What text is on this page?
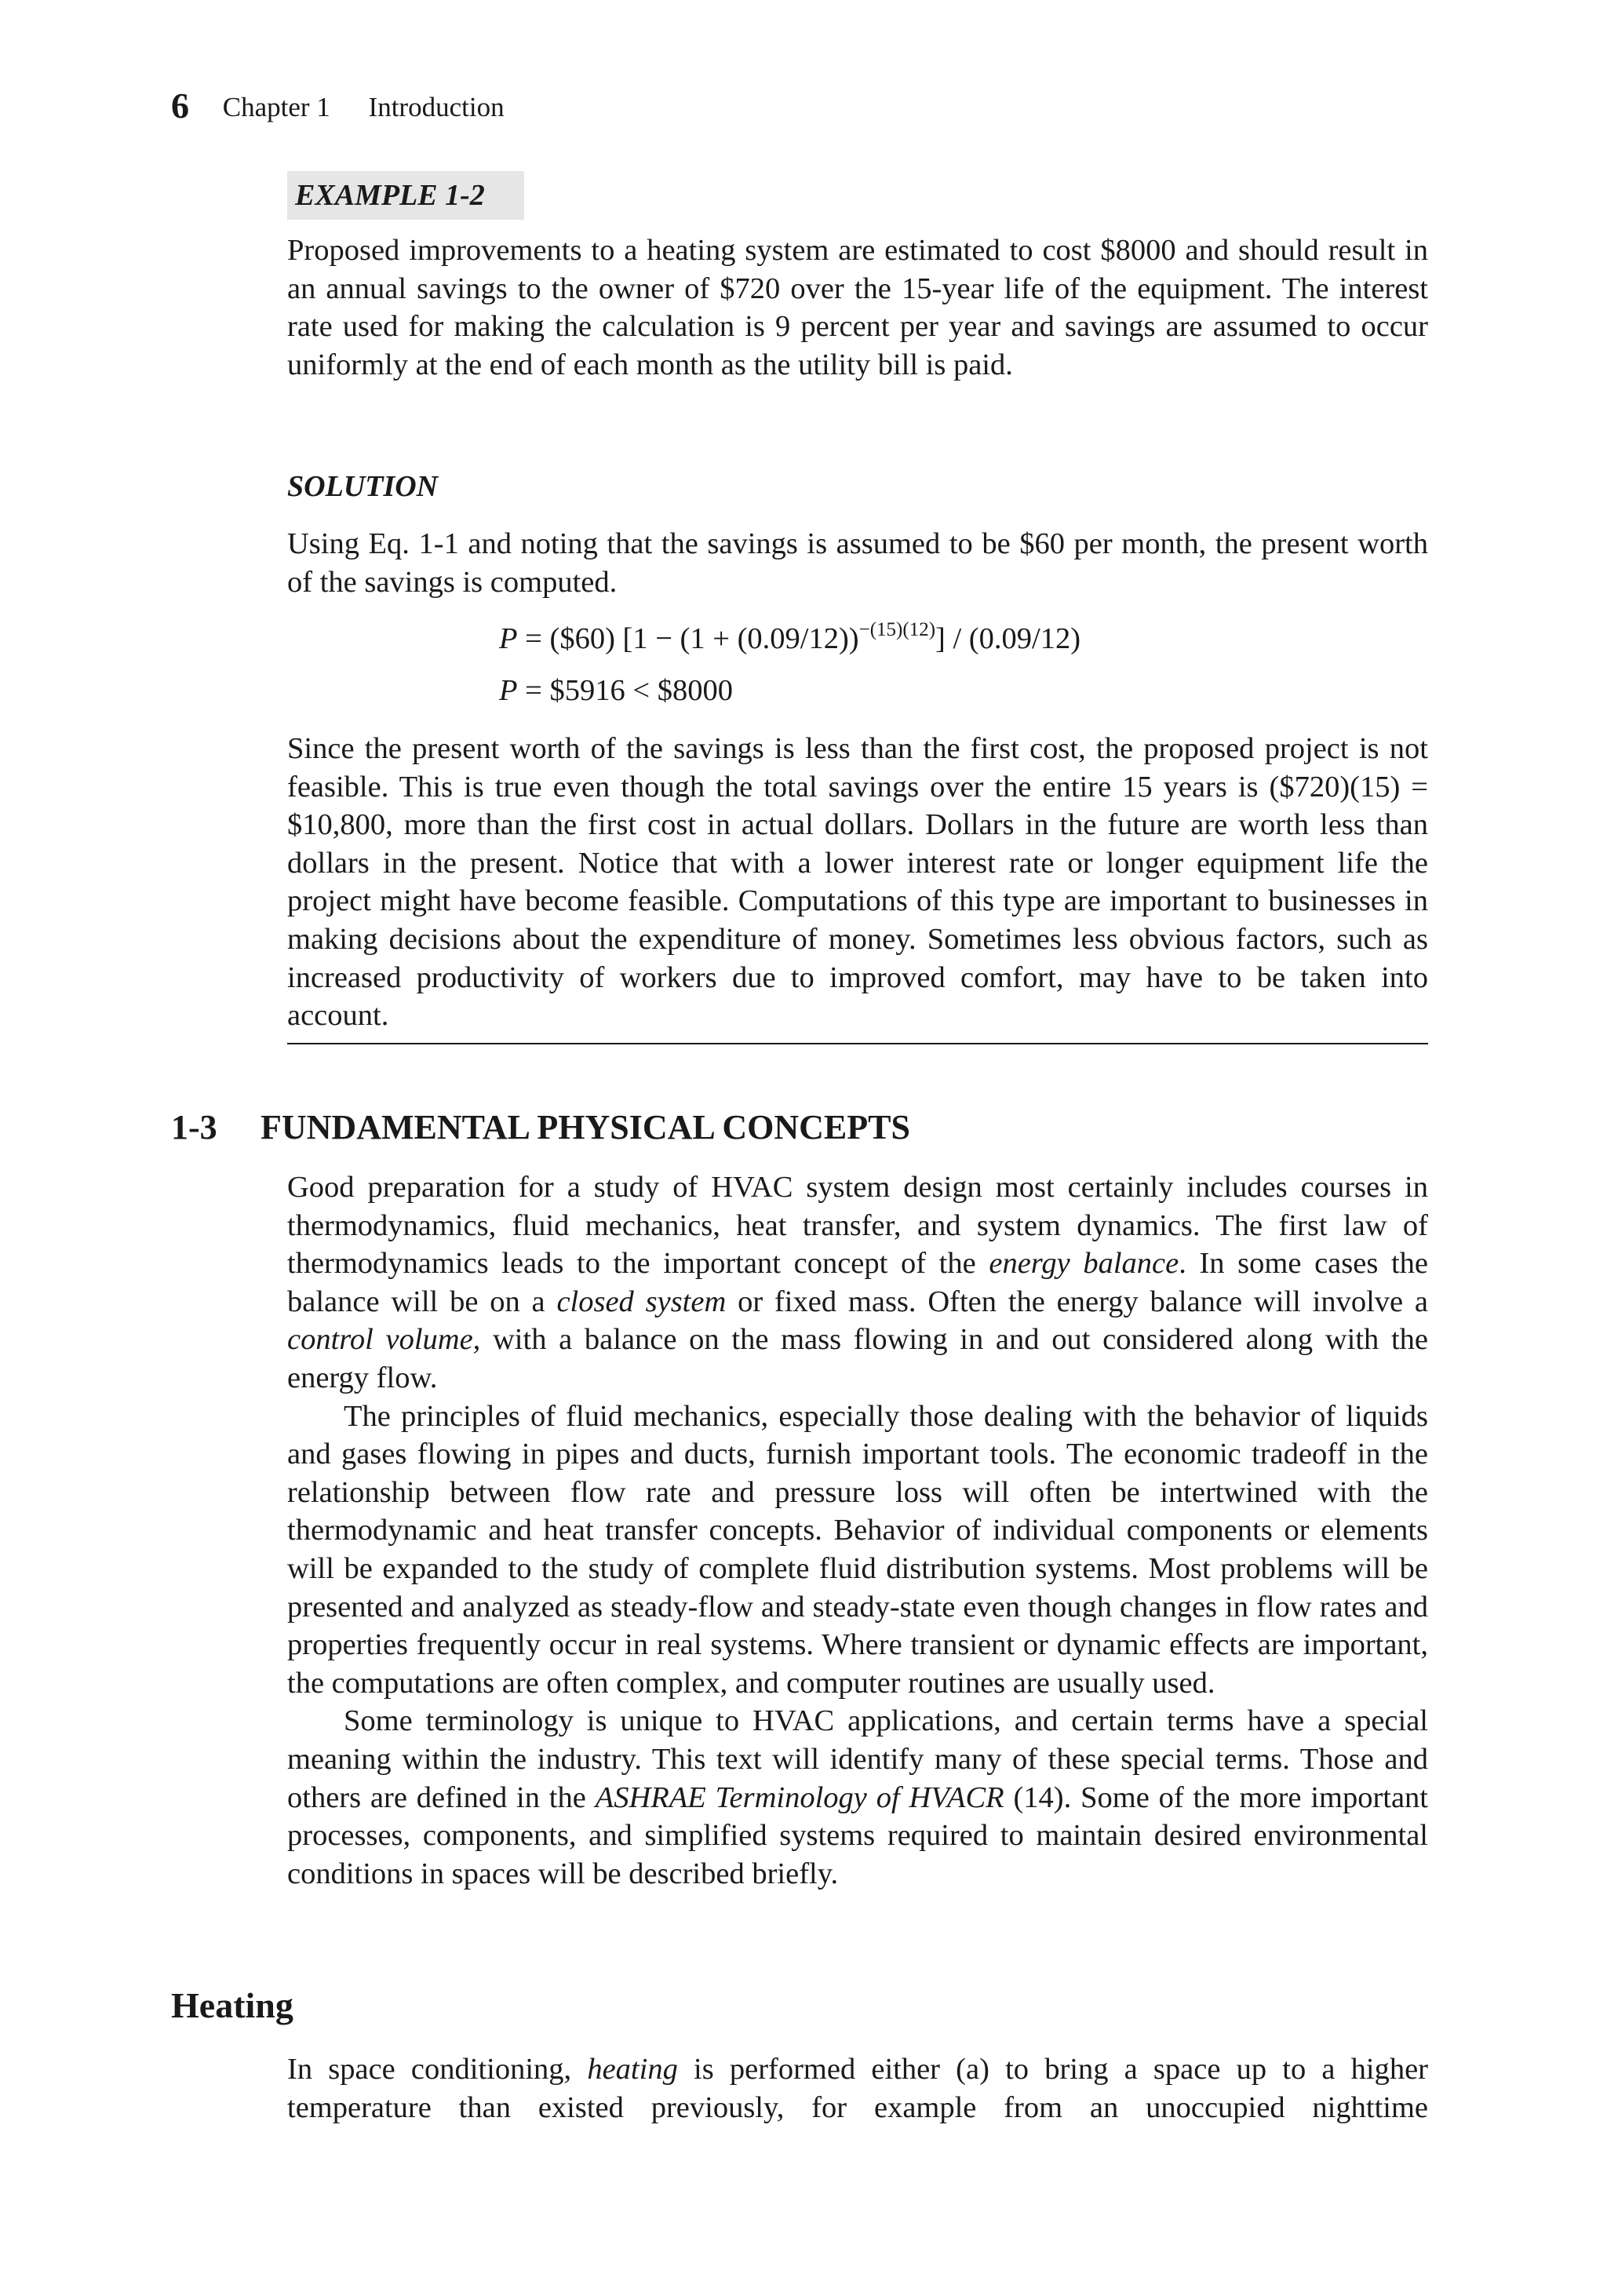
6 Chapter 1 Introduction
EXAMPLE 1-2
Proposed improvements to a heating system are estimated to cost $8000 and should result in an annual savings to the owner of $720 over the 15-year life of the equipment. The interest rate used for making the calculation is 9 percent per year and savings are assumed to occur uniformly at the end of each month as the utility bill is paid.
SOLUTION
Using Eq. 1-1 and noting that the savings is assumed to be $60 per month, the present worth of the savings is computed.
P = ($60) $[1 - (1 + (0.09/12))^{-(15)(12)}] / (0.09/12)$
P = $5916 < $8000
Since the present worth of the savings is less than the first cost, the proposed project is not feasible. This is true even though the total savings over the entire 15 years is ($720)(15) = $10,800, more than the first cost in actual dollars. Dollars in the future are worth less than dollars in the present. Notice that with a lower interest rate or longer equipment life the project might have become feasible. Computations of this type are important to businesses in making decisions about the expenditure of money. Sometimes less obvious factors, such as increased productivity of workers due to improved comfort, may have to be taken into account.
1-3 FUNDAMENTAL PHYSICAL CONCEPTS

Good preparation for a study of HVAC system design most certainly includes courses in thermodynamics, fluid mechanics, heat transfer, and system dynamics. The first law of thermodynamics leads to the important concept of the energy balance. In some cases the balance will be on a closed system or fixed mass. Often the energy balance will involve a control volume, with a balance on the mass flowing in and out considered along with the energy flow.

The principles of fluid mechanics, especially those dealing with the behavior of liquids and gases flowing in pipes and ducts, furnish important tools. The economic tradeoff in the relationship between flow rate and pressure loss will often be intertwined with the thermodynamic and heat transfer concepts. Behavior of individual components or elements will be expanded to the study of complete fluid distribution systems. Most problems will be presented and analyzed as steady-flow and steady-state even though changes in flow rates and properties frequently occur in real systems. Where transient or dynamic effects are important, the computations are often complex, and computer routines are usually used.

Some terminology is unique to HVAC applications, and certain terms have a special meaning within the industry. This text will identify many of these special terms. Those and others are defined in the ASHRAE Terminology of HVACR (14). Some of the more important processes, components, and simplified systems required to maintain desired environmental conditions in spaces will be described briefly.

Heating
In space conditioning, heating is performed either (a) to bring a space up to a higher temperature than existed previously, for example from an unoccupied nighttime
